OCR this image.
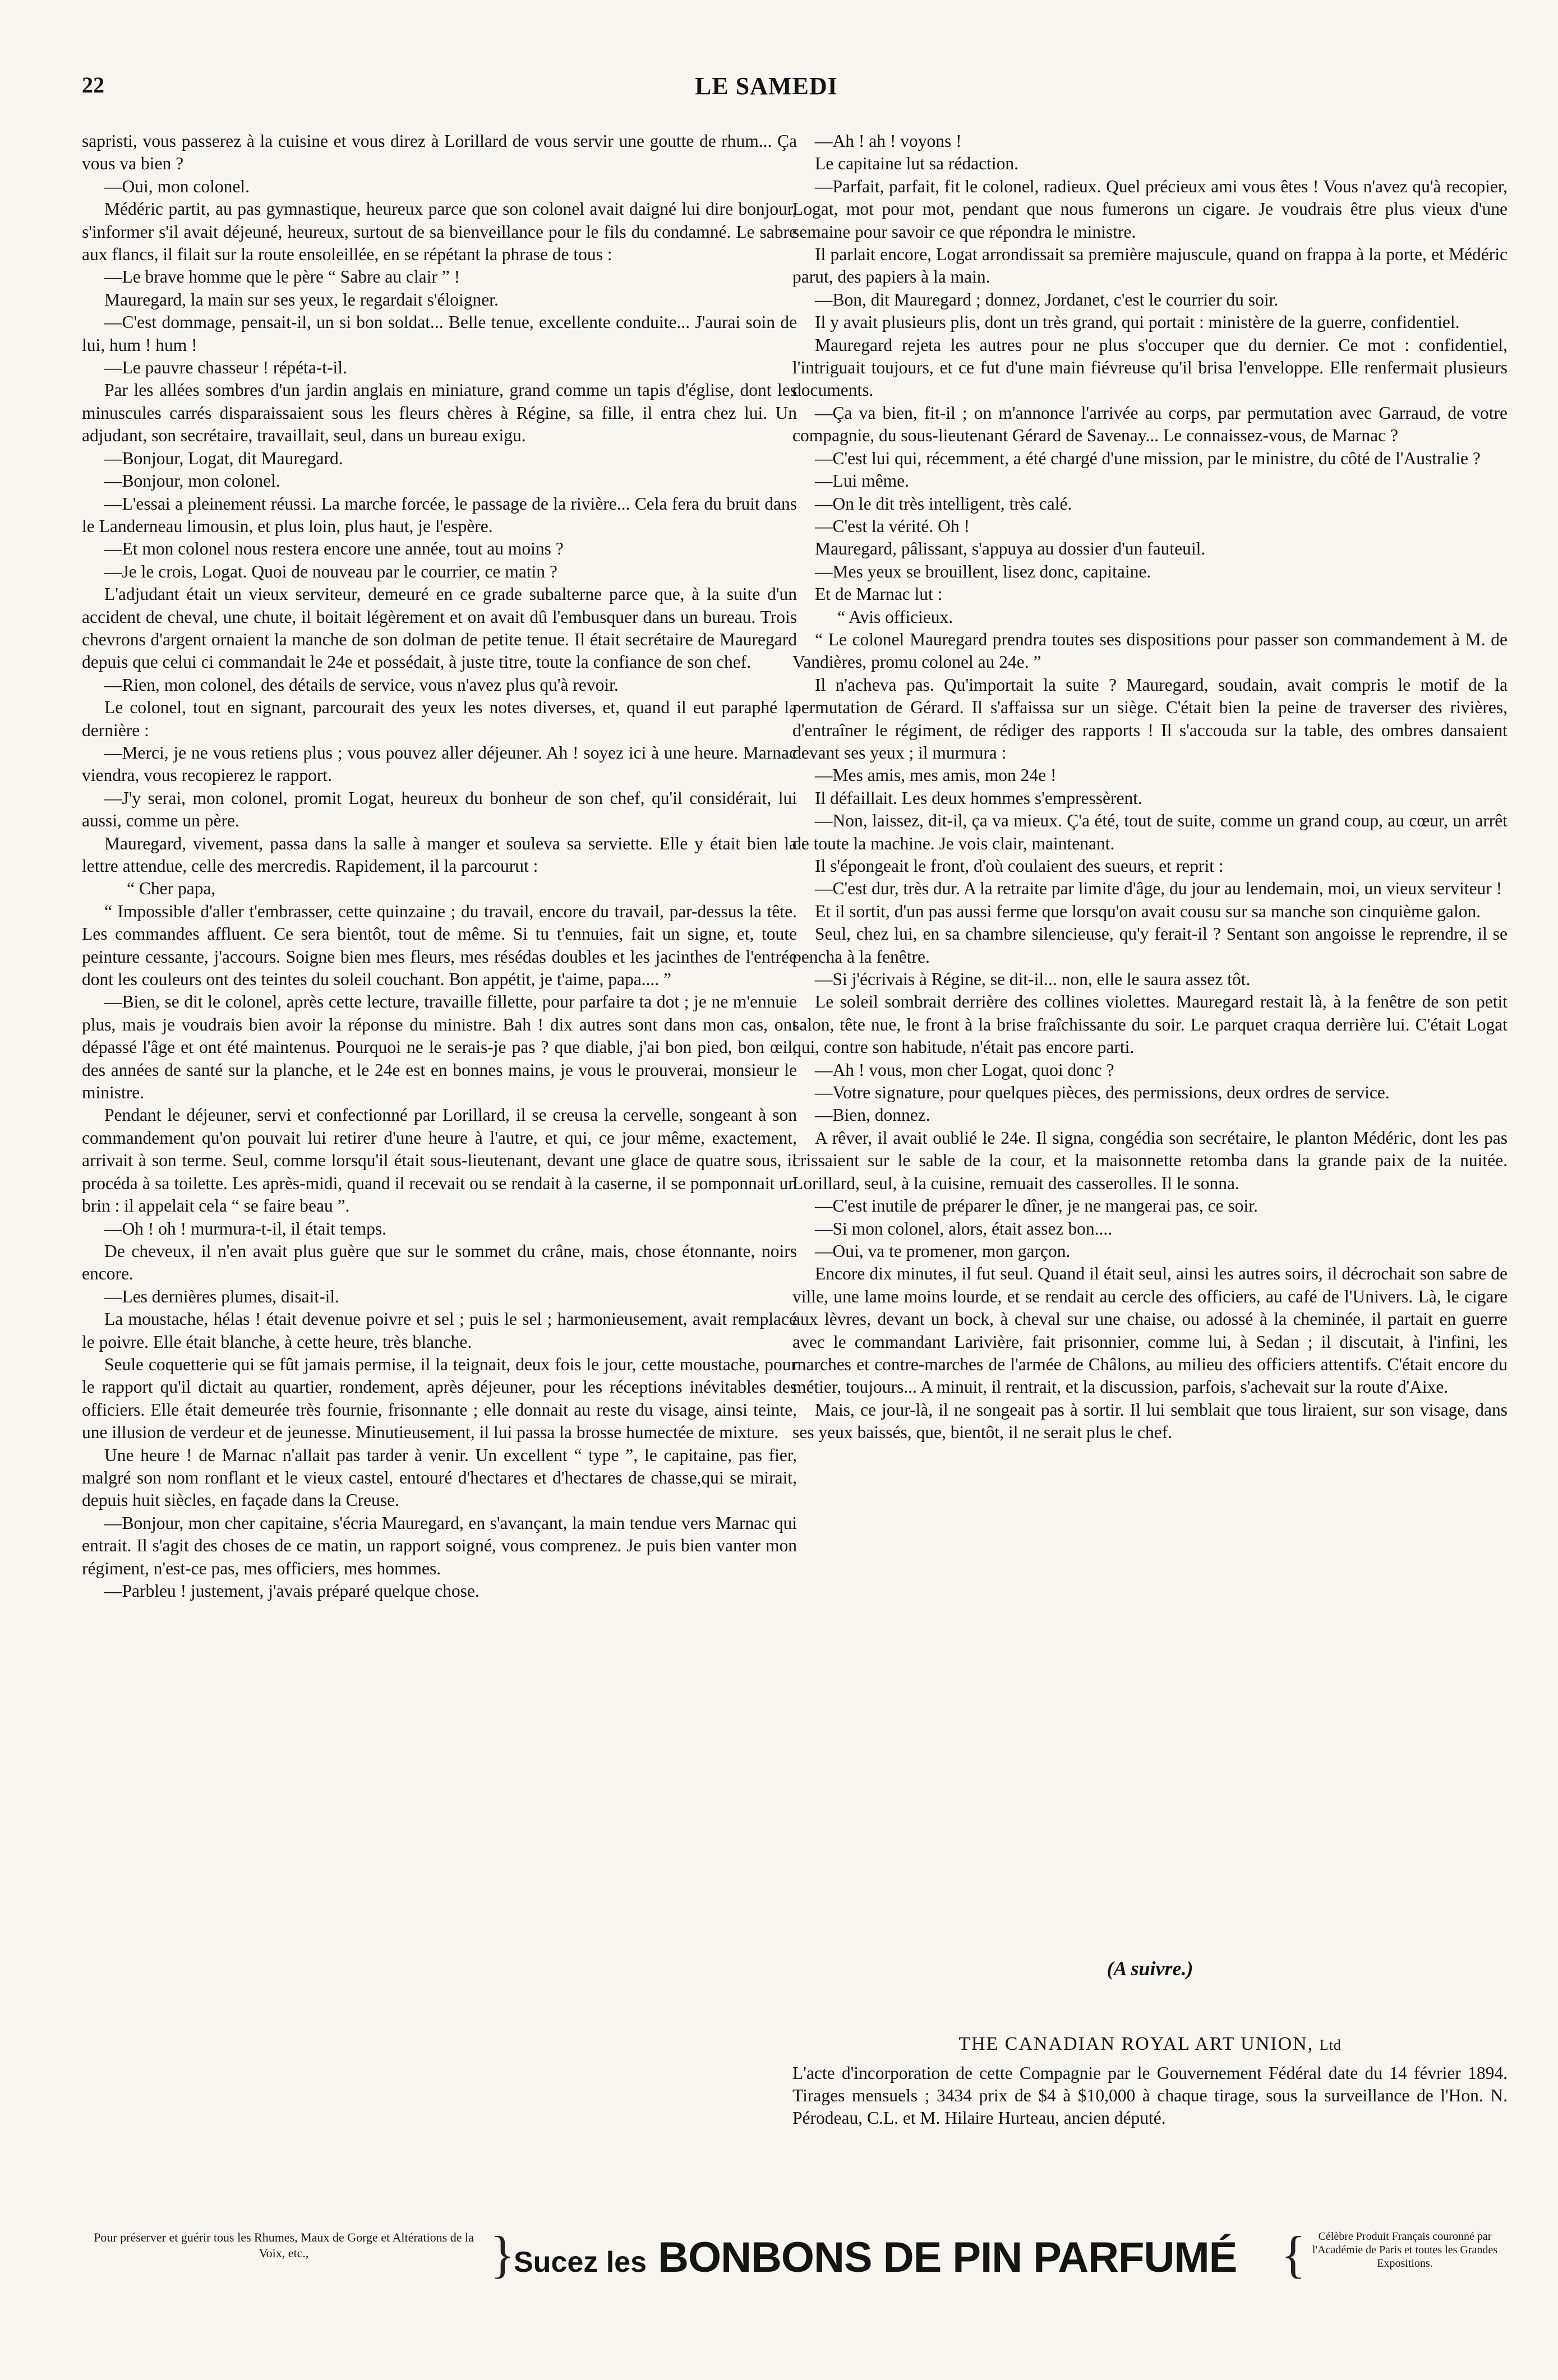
22	LE SAMEDI

sapristi, vous passerez à la cuisine et vous direz à Lorillard de vous servir une goutte de rhum... Ça vous va bien ?

—Oui, mon colonel.

Médéric partit, au pas gymnastique, heureux parce que son colonel avait daigné lui dire bonjour, s'informer s'il avait déjeuné, heureux, surtout de sa bienveillance pour le fils du condamné. Le sabre aux flancs, il filait sur la route ensoleillée, en se répétant la phrase de tous :

—Le brave homme que le père “ Sabre au clair ” !

Mauregard, la main sur ses yeux, le regardait s'éloigner.

—C'est dommage, pensait-il, un si bon soldat... Belle tenue, excellente conduite... J'aurai soin de lui, hum ! hum !

—Le pauvre chasseur ! répéta-t-il.

Par les allées sombres d'un jardin anglais en miniature, grand comme un tapis d'église, dont les minuscules carrés disparaissaient sous les fleurs chères à Régine, sa fille, il entra chez lui. Un adjudant, son secrétaire, travaillait, seul, dans un bureau exigu.

—Bonjour, Logat, dit Mauregard.

—Bonjour, mon colonel.

—L'essai a pleinement réussi. La marche forcée, le passage de la rivière... Cela fera du bruit dans le Landerneau limousin, et plus loin, plus haut, je l'espère.

—Et mon colonel nous restera encore une année, tout au moins ?

—Je le crois, Logat. Quoi de nouveau par le courrier, ce matin ?

L'adjudant était un vieux serviteur, demeuré en ce grade subalterne parce que, à la suite d'un accident de cheval, une chute, il boitait légèrement et on avait dû l'embusquer dans un bureau. Trois chevrons d'argent ornaient la manche de son dolman de petite tenue. Il était secrétaire de Mauregard depuis que celui ci commandait le 24e et possédait, à juste titre, toute la confiance de son chef.

—Rien, mon colonel, des détails de service, vous n'avez plus qu'à revoir.

Le colonel, tout en signant, parcourait des yeux les notes diverses, et, quand il eut paraphé la dernière :

—Merci, je ne vous retiens plus ; vous pouvez aller déjeuner. Ah ! soyez ici à une heure. Marnac viendra, vous recopierez le rapport.

—J'y serai, mon colonel, promit Logat, heureux du bonheur de son chef, qu'il considérait, lui aussi, comme un père.

Mauregard, vivement, passa dans la salle à manger et souleva sa serviette. Elle y était bien la lettre attendue, celle des mercredis. Rapidement, il la parcourut :

“ Cher papa,

“ Impossible d'aller t'embrasser, cette quinzaine ; du travail, encore du travail, par-dessus la tête. Les commandes affluent. Ce sera bientôt, tout de même. Si tu t'ennuies, fait un signe, et, toute peinture cessante, j'accours. Soigne bien mes fleurs, mes résédas doubles et les jacinthes de l'entrée dont les couleurs ont des teintes du soleil couchant. Bon appétit, je t'aime, papa.... ”

—Bien, se dit le colonel, après cette lecture, travaille fillette, pour parfaire ta dot ; je ne m'ennuie plus, mais je voudrais bien avoir la réponse du ministre. Bah ! dix autres sont dans mon cas, ont dépassé l'âge et ont été maintenus. Pourquoi ne le serais-je pas ? que diable, j'ai bon pied, bon œil, des années de santé sur la planche, et le 24e est en bonnes mains, je vous le prouverai, monsieur le ministre.

Pendant le déjeuner, servi et confectionné par Lorillard, il se creusa la cervelle, songeant à son commandement qu'on pouvait lui retirer d'une heure à l'autre, et qui, ce jour même, exactement, arrivait à son terme. Seul, comme lorsqu'il était sous-lieutenant, devant une glace de quatre sous, il procéda à sa toilette. Les après-midi, quand il recevait ou se rendait à la caserne, il se pomponnait un brin : il appelait cela “ se faire beau ”.

—Oh ! oh ! murmura-t-il, il était temps.

De cheveux, il n'en avait plus guère que sur le sommet du crâne, mais, chose étonnante, noirs encore.

—Les dernières plumes, disait-il.

La moustache, hélas ! était devenue poivre et sel ; puis le sel ; harmonieusement, avait remplacé le poivre. Elle était blanche, à cette heure, très blanche.

Seule coquetterie qui se fût jamais permise, il la teignait, deux fois le jour, cette moustache, pour le rapport qu'il dictait au quartier, rondement, après déjeuner, pour les réceptions inévitables des officiers. Elle était demeurée très fournie, frisonnante ; elle donnait au reste du visage, ainsi teinte, une illusion de verdeur et de jeunesse. Minutieusement, il lui passa la brosse humectée de mixture.

Une heure ! de Marnac n'allait pas tarder à venir. Un excellent “ type ”, le capitaine, pas fier, malgré son nom ronflant et le vieux castel, entouré d'hectares et d'hectares de chasse,qui se mirait, depuis huit siècles, en façade dans la Creuse.

—Bonjour, mon cher capitaine, s'écria Mauregard, en s'avançant, la main tendue vers Marnac qui entrait. Il s'agit des choses de ce matin, un rapport soigné, vous comprenez. Je puis bien vanter mon régiment, n'est-ce pas, mes officiers, mes hommes.

—Parbleu ! justement, j'avais préparé quelque chose.

—Ah ! ah ! voyons !

Le capitaine lut sa rédaction.

—Parfait, parfait, fit le colonel, radieux. Quel précieux ami vous êtes ! Vous n'avez qu'à recopier, Logat, mot pour mot, pendant que nous fumerons un cigare. Je voudrais être plus vieux d'une semaine pour savoir ce que répondra le ministre.

Il parlait encore, Logat arrondissait sa première majuscule, quand on frappa à la porte, et Médéric parut, des papiers à la main.

—Bon, dit Mauregard ; donnez, Jordanet, c'est le courrier du soir.

Il y avait plusieurs plis, dont un très grand, qui portait : ministère de la guerre, confidentiel.

Mauregard rejeta les autres pour ne plus s'occuper que du dernier. Ce mot : confidentiel, l'intriguait toujours, et ce fut d'une main fiévreuse qu'il brisa l'enveloppe. Elle renfermait plusieurs documents.

—Ça va bien, fit-il ; on m'annonce l'arrivée au corps, par permutation avec Garraud, de votre compagnie, du sous-lieutenant Gérard de Savenay... Le connaissez-vous, de Marnac ?

—C'est lui qui, récemment, a été chargé d'une mission, par le ministre, du côté de l'Australie ?

—Lui même.

—On le dit très intelligent, très calé.

—C'est la vérité. Oh !

Mauregard, pâlissant, s'appuya au dossier d'un fauteuil.

—Mes yeux se brouillent, lisez donc, capitaine.

Et de Marnac lut :

“ Avis officieux.

“ Le colonel Mauregard prendra toutes ses dispositions pour passer son commandement à M. de Vandières, promu colonel au 24e. ”

Il n'acheva pas. Qu'importait la suite ? Mauregard, soudain, avait compris le motif de la permutation de Gérard. Il s'affaissa sur un siège. C'était bien la peine de traverser des rivières, d'entraîner le régiment, de rédiger des rapports ! Il s'accouda sur la table, des ombres dansaient devant ses yeux ; il murmura :

—Mes amis, mes amis, mon 24e !

Il défaillait. Les deux hommes s'empressèrent.

—Non, laissez, dit-il, ça va mieux. Ç'a été, tout de suite, comme un grand coup, au cœur, un arrêt de toute la machine. Je vois clair, maintenant.

Il s'épongeait le front, d'où coulaient des sueurs, et reprit :

—C'est dur, très dur. A la retraite par limite d'âge, du jour au lendemain, moi, un vieux serviteur !

Et il sortit, d'un pas aussi ferme que lorsqu'on avait cousu sur sa manche son cinquième galon.

Seul, chez lui, en sa chambre silencieuse, qu'y ferait-il ? Sentant son angoisse le reprendre, il se pencha à la fenêtre.

—Si j'écrivais à Régine, se dit-il... non, elle le saura assez tôt.

Le soleil sombrait derrière des collines violettes. Mauregard restait là, à la fenêtre de son petit salon, tête nue, le front à la brise fraîchissante du soir. Le parquet craqua derrière lui. C'était Logat qui, contre son habitude, n'était pas encore parti.

—Ah ! vous, mon cher Logat, quoi donc ?

—Votre signature, pour quelques pièces, des permissions, deux ordres de service.

—Bien, donnez.

A rêver, il avait oublié le 24e. Il signa, congédia son secrétaire, le planton Médéric, dont les pas crissaient sur le sable de la cour, et la maisonnette retomba dans la grande paix de la nuitée. Lorillard, seul, à la cuisine, remuait des casserolles. Il le sonna.

—C'est inutile de préparer le dîner, je ne mangerai pas, ce soir.

—Si mon colonel, alors, était assez bon....

—Oui, va te promener, mon garçon.

Encore dix minutes, il fut seul. Quand il était seul, ainsi les autres soirs, il décrochait son sabre de ville, une lame moins lourde, et se rendait au cercle des officiers, au café de l'Univers. Là, le cigare aux lèvres, devant un bock, à cheval sur une chaise, ou adossé à la cheminée, il partait en guerre avec le commandant Larivière, fait prisonnier, comme lui, à Sedan ; il discutait, à l'infini, les marches et contre-marches de l'armée de Châlons, au milieu des officiers attentifs. C'était encore du métier, toujours... A minuit, il rentrait, et la discussion, parfois, s'achevait sur la route d'Aixe.

Mais, ce jour-là, il ne songeait pas à sortir. Il lui semblait que tous liraient, sur son visage, dans ses yeux baissés, que, bientôt, il ne serait plus le chef.

(A suivre.)
THE CANADIAN ROYAL ART UNION, Ltd

L'acte d'incorporation de cette Compagnie par le Gouvernement Fédéral date du 14 février 1894. Tirages mensuels ; 3434 prix de $4 à $10,000 à chaque tirage, sous la surveillance de l'Hon. N. Pérodeau, C.L. et M. Hilaire Hurteau, ancien député.

Pour préserver et guérir tous les Rhumes, Maux de Gorge et Altérations de la Voix, etc.,	}
Sucez les BONBONS DE PIN PARFUMÉ {	Célèbre Produit Français couronné par l'Académie de Paris et toutes les Grandes Expositions.
